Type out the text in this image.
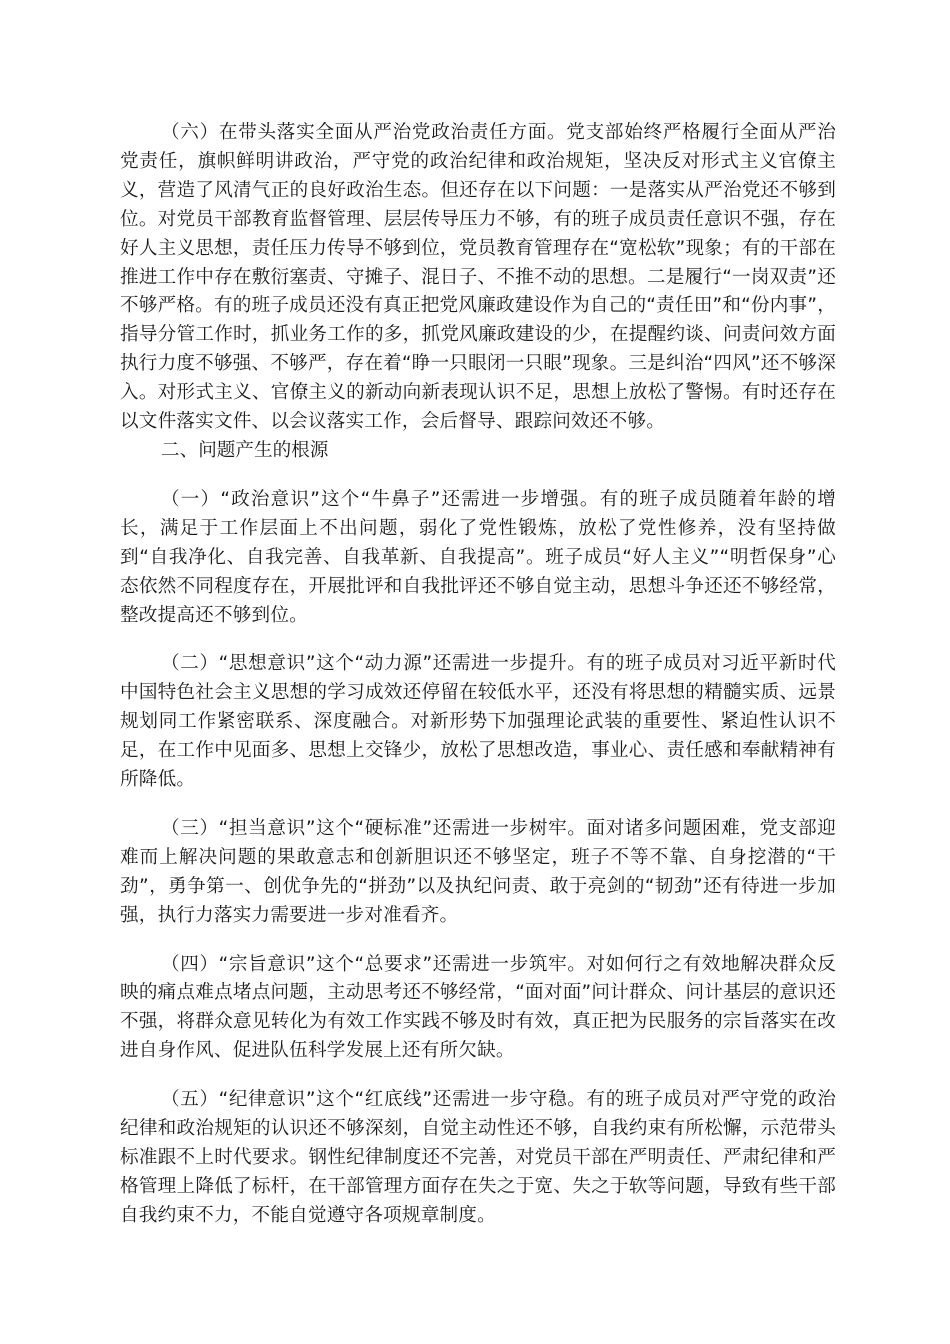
（六）在带头落实全面从严治党政治责任方面。党支部始终严格履行全面从严治党责任，旗帜鲜明讲政治，严守党的政治纪律和政治规矩，坚决反对形式主义官僚主义，营造了风清气正的良好政治生态。但还存在以下问题：一是落实从严治党还不够到位。对党员干部教育监督管理、层层传导压力不够，有的班子成员责任意识不强，存在好人主义思想，责任压力传导不够到位，党员教育管理存在“宽松软”现象；有的干部在推进工作中存在敷衍塞责、守摊子、混日子、不推不动的思想。二是履行“一岗双责”还不够严格。有的班子成员还没有真正把党风廉政建设作为自己的“责任田”和“份内事”，指导分管工作时，抓业务工作的多，抓党风廉政建设的少，在提醒约谈、问责问效方面执行力度不够强、不够严，存在着“睁一只眼闭一只眼”现象。三是纠治“四风”还不够深入。对形式主义、官僚主义的新动向新表现认识不足，思想上放松了警惕。有时还存在以文件落实文件、以会议落实工作，会后督导、跟踪问效还不够。

二、问题产生的根源

（一）“政治意识”这个“牛鼻子”还需进一步增强。有的班子成员随着年龄的增长，满足于工作层面上不出问题，弱化了党性锻炼，放松了党性修养，没有坚持做到“自我净化、自我完善、自我革新、自我提高”。班子成员“好人主义”“明哲保身”心态依然不同程度存在，开展批评和自我批评还不够自觉主动，思想斗争还还不够经常，整改提高还不够到位。

（二）“思想意识”这个“动力源”还需进一步提升。有的班子成员对习近平新时代中国特色社会主义思想的学习成效还停留在较低水平，还没有将思想的精髓实质、远景规划同工作紧密联系、深度融合。对新形势下加强理论武装的重要性、紧迫性认识不足，在工作中见面多、思想上交锋少，放松了思想改造，事业心、责任感和奉献精神有所降低。

（三）“担当意识”这个“硬标准”还需进一步树牢。面对诸多问题困难，党支部迎难而上解决问题的果敢意志和创新胆识还不够坚定，班子不等不靠、自身挖潜的“干劲”，勇争第一、创优争先的“拼劲”以及执纪问责、敢于亮剑的“韧劲”还有待进一步加强，执行力落实力需要进一步对准看齐。

（四）“宗旨意识”这个“总要求”还需进一步筑牢。对如何行之有效地解决群众反映的痛点难点堵点问题，主动思考还不够经常，“面对面”问计群众、问计基层的意识还不强，将群众意见转化为有效工作实践不够及时有效，真正把为民服务的宗旨落实在改进自身作风、促进队伍科学发展上还有所欠缺。

（五）“纪律意识”这个“红底线”还需进一步守稳。有的班子成员对严守党的政治纪律和政治规矩的认识还不够深刻，自觉主动性还不够，自我约束有所松懈，示范带头标准跟不上时代要求。钢性纪律制度还不完善，对党员干部在严明责任、严肃纪律和严格管理上降低了标杆，在干部管理方面存在失之于宽、失之于软等问题，导致有些干部自我约束不力，不能自觉遵守各项规章制度。
